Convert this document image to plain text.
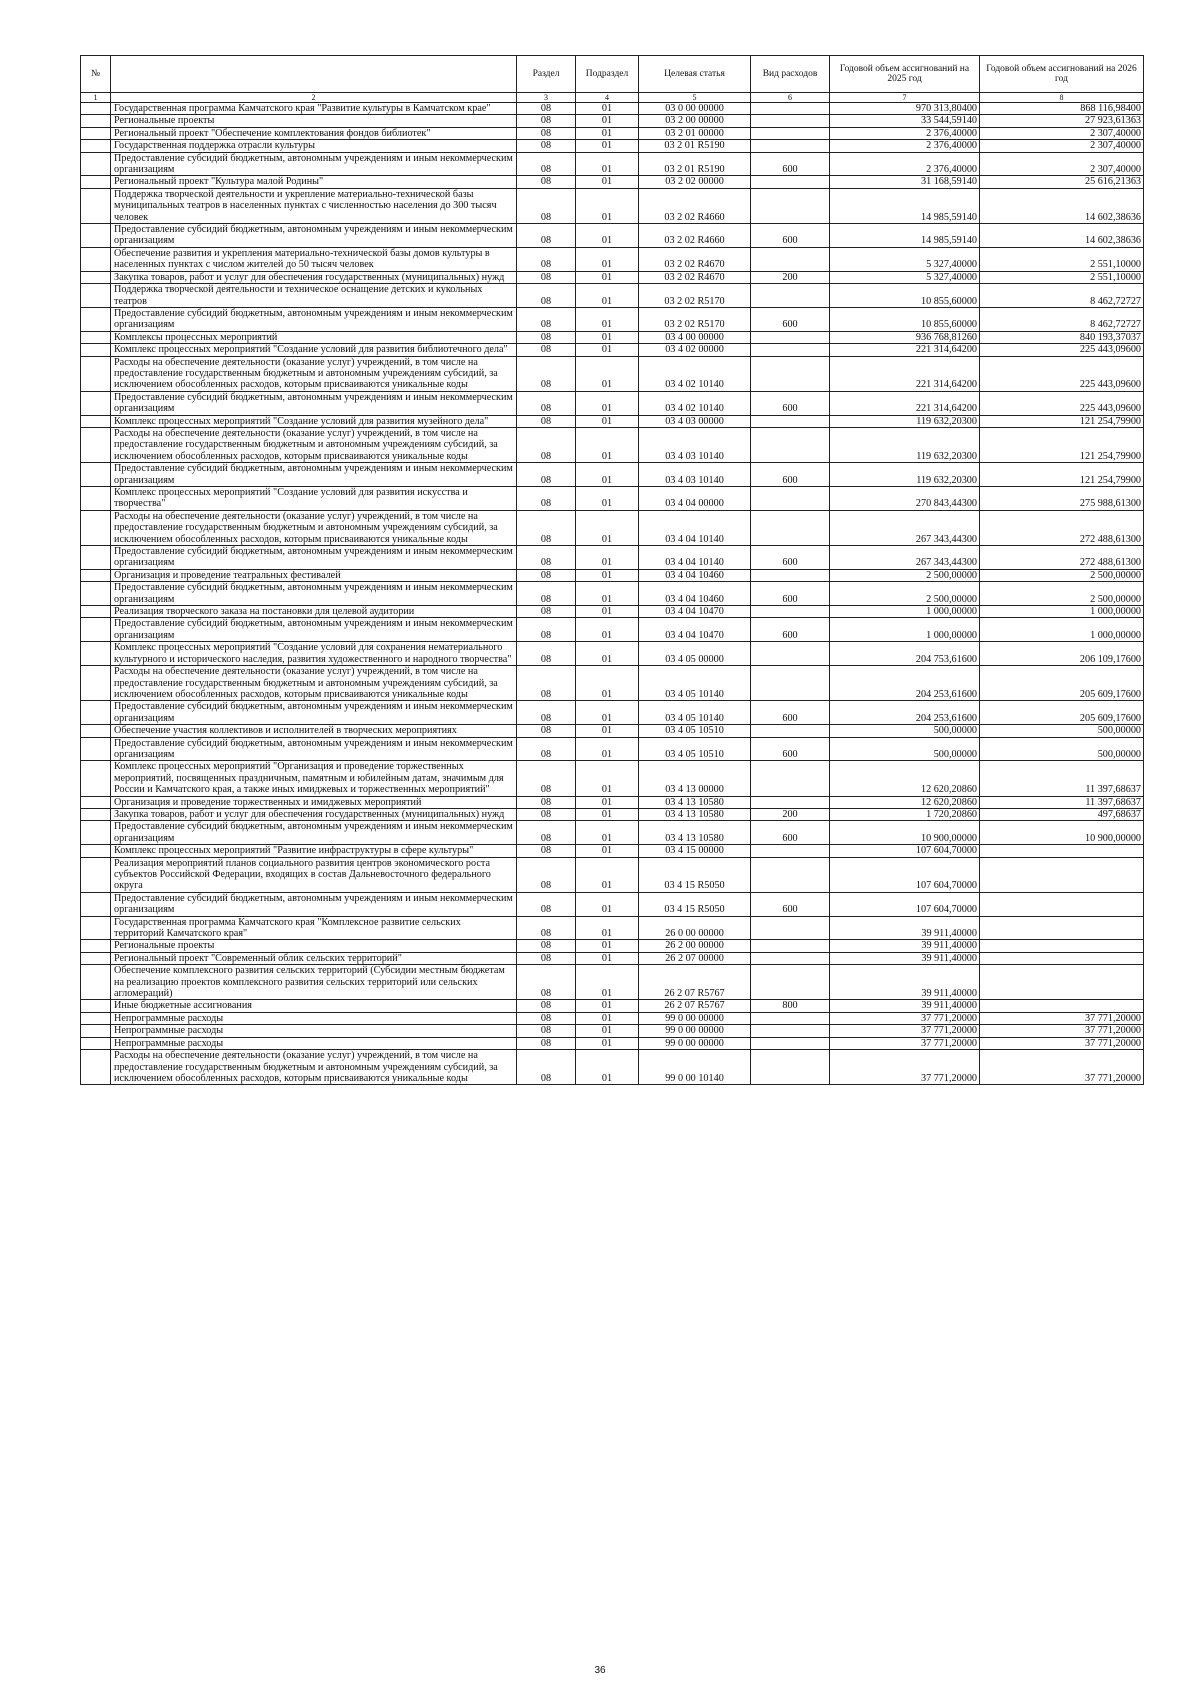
№		Раздел	Подраздел	Целевая статья	Вид расходов	Годовой объем ассигнований на 2025 год	Годовой объем ассигнований на 2026 год
1	2	3	4	5	6	7	8
	Государственная программа Камчатского края "Развитие культуры в Камчатском крае"	08	01	03 0 00 00000		970 313,80400	868 116,98400
	Региональные проекты	08	01	03 2 00 00000		33 544,59140	27 923,61363
	Региональный проект "Обеспечение комплектования фондов библиотек"	08	01	03 2 01 00000		2 376,40000	2 307,40000
	Государственная поддержка отрасли культуры	08	01	03 2 01 R5190		2 376,40000	2 307,40000
	Предоставление субсидий бюджетным, автономным учреждениям и иным некоммерческим организациям	08	01	03 2 01 R5190	600	2 376,40000	2 307,40000
	Региональный проект "Культура малой Родины"	08	01	03 2 02 00000		31 168,59140	25 616,21363
	Поддержка творческой деятельности и укрепление материально-технической базы муниципальных театров в населенных пунктах с численностью населения до 300 тысяч человек	08	01	03 2 02 R4660		14 985,59140	14 602,38636
	Предоставление субсидий бюджетным, автономным учреждениям и иным некоммерческим организациям	08	01	03 2 02 R4660	600	14 985,59140	14 602,38636
	Обеспечение развития и укрепления материально-технической базы домов культуры в населенных пунктах с числом жителей до 50 тысяч человек	08	01	03 2 02 R4670		5 327,40000	2 551,10000
	Закупка товаров, работ и услуг для обеспечения государственных (муниципальных) нужд	08	01	03 2 02 R4670	200	5 327,40000	2 551,10000
	Поддержка творческой деятельности и техническое оснащение детских и кукольных театров	08	01	03 2 02 R5170		10 855,60000	8 462,72727
	Предоставление субсидий бюджетным, автономным учреждениям и иным некоммерческим организациям	08	01	03 2 02 R5170	600	10 855,60000	8 462,72727
	Комплексы процессных мероприятий	08	01	03 4 00 00000		936 768,81260	840 193,37037
	Комплекс процессных мероприятий "Создание условий для развития библиотечного дела"	08	01	03 4 02 00000		221 314,64200	225 443,09600
	Расходы на обеспечение деятельности (оказание услуг) учреждений, в том числе на предоставление государственным бюджетным и автономным учреждениям субсидий, за исключением обособленных расходов, которым присваиваются уникальные коды	08	01	03 4 02 10140		221 314,64200	225 443,09600
	Предоставление субсидий бюджетным, автономным учреждениям и иным некоммерческим организациям	08	01	03 4 02 10140	600	221 314,64200	225 443,09600
	Комплекс процессных мероприятий "Создание условий для развития музейного дела"	08	01	03 4 03 00000		119 632,20300	121 254,79900
	Расходы на обеспечение деятельности (оказание услуг) учреждений, в том числе на предоставление государственным бюджетным и автономным учреждениям субсидий, за исключением обособленных расходов, которым присваиваются уникальные коды	08	01	03 4 03 10140		119 632,20300	121 254,79900
	Предоставление субсидий бюджетным, автономным учреждениям и иным некоммерческим организациям	08	01	03 4 03 10140	600	119 632,20300	121 254,79900
	Комплекс процессных мероприятий "Создание условий для развития искусства и творчества"	08	01	03 4 04 00000		270 843,44300	275 988,61300
	Расходы на обеспечение деятельности (оказание услуг) учреждений, в том числе на предоставление государственным бюджетным и автономным учреждениям субсидий, за исключением обособленных расходов, которым присваиваются уникальные коды	08	01	03 4 04 10140		267 343,44300	272 488,61300
	Предоставление субсидий бюджетным, автономным учреждениям и иным некоммерческим организациям	08	01	03 4 04 10140	600	267 343,44300	272 488,61300
	Организация и проведение театральных фестивалей	08	01	03 4 04 10460		2 500,00000	2 500,00000
	Предоставление субсидий бюджетным, автономным учреждениям и иным некоммерческим организациям	08	01	03 4 04 10460	600	2 500,00000	2 500,00000
	Реализация творческого заказа на постановки для целевой аудитории	08	01	03 4 04 10470		1 000,00000	1 000,00000
	Предоставление субсидий бюджетным, автономным учреждениям и иным некоммерческим организациям	08	01	03 4 04 10470	600	1 000,00000	1 000,00000
	Комплекс процессных мероприятий "Создание условий для сохранения нематериального культурного и исторического наследия, развития художественного и народного творчества"	08	01	03 4 05 00000		204 753,61600	206 109,17600
	Расходы на обеспечение деятельности (оказание услуг) учреждений, в том числе на предоставление государственным бюджетным и автономным учреждениям субсидий, за исключением обособленных расходов, которым присваиваются уникальные коды	08	01	03 4 05 10140		204 253,61600	205 609,17600
	Предоставление субсидий бюджетным, автономным учреждениям и иным некоммерческим организациям	08	01	03 4 05 10140	600	204 253,61600	205 609,17600
	Обеспечение участия коллективов и исполнителей в творческих мероприятиях	08	01	03 4 05 10510		500,00000	500,00000
	Предоставление субсидий бюджетным, автономным учреждениям и иным некоммерческим организациям	08	01	03 4 05 10510	600	500,00000	500,00000
	Комплекс процессных мероприятий "Организация и проведение торжественных мероприятий, посвященных праздничным, памятным и юбилейным датам, значимым для России и Камчатского края, а также иных имиджевых и торжественных мероприятий"	08	01	03 4 13 00000		12 620,20860	11 397,68637
	Организация и проведение торжественных и имиджевых мероприятий	08	01	03 4 13 10580		12 620,20860	11 397,68637
	Закупка товаров, работ и услуг для обеспечения государственных (муниципальных) нужд	08	01	03 4 13 10580	200	1 720,20860	497,68637
	Предоставление субсидий бюджетным, автономным учреждениям и иным некоммерческим организациям	08	01	03 4 13 10580	600	10 900,00000	10 900,00000
	Комплекс процессных мероприятий "Развитие инфраструктуры в сфере культуры"	08	01	03 4 15 00000		107 604,70000	
	Реализация мероприятий планов социального развития центров экономического роста субъектов Российской Федерации, входящих в состав Дальневосточного федерального округа	08	01	03 4 15 R5050		107 604,70000	
	Предоставление субсидий бюджетным, автономным учреждениям и иным некоммерческим организациям	08	01	03 4 15 R5050	600	107 604,70000	
	Государственная программа Камчатского края "Комплексное развитие сельских территорий Камчатского края"	08	01	26 0 00 00000		39 911,40000	
	Региональные проекты	08	01	26 2 00 00000		39 911,40000	
	Региональный проект "Современный облик сельских территорий"	08	01	26 2 07 00000		39 911,40000	
	Обеспечение комплексного развития сельских территорий (Субсидии местным бюджетам на реализацию проектов комплексного развития сельских территорий или сельских агломераций)	08	01	26 2 07 R5767		39 911,40000	
	Иные бюджетные ассигнования	08	01	26 2 07 R5767	800	39 911,40000	
	Непрограммные расходы	08	01	99 0 00 00000		37 771,20000	37 771,20000
	Непрограммные расходы	08	01	99 0 00 00000		37 771,20000	37 771,20000
	Непрограммные расходы	08	01	99 0 00 00000		37 771,20000	37 771,20000
	Расходы на обеспечение деятельности (оказание услуг) учреждений, в том числе на предоставление государственным бюджетным и автономным учреждениям субсидий, за исключением обособленных расходов, которым присваиваются уникальные коды	08	01	99 0 00 10140		37 771,20000	37 771,20000
36
